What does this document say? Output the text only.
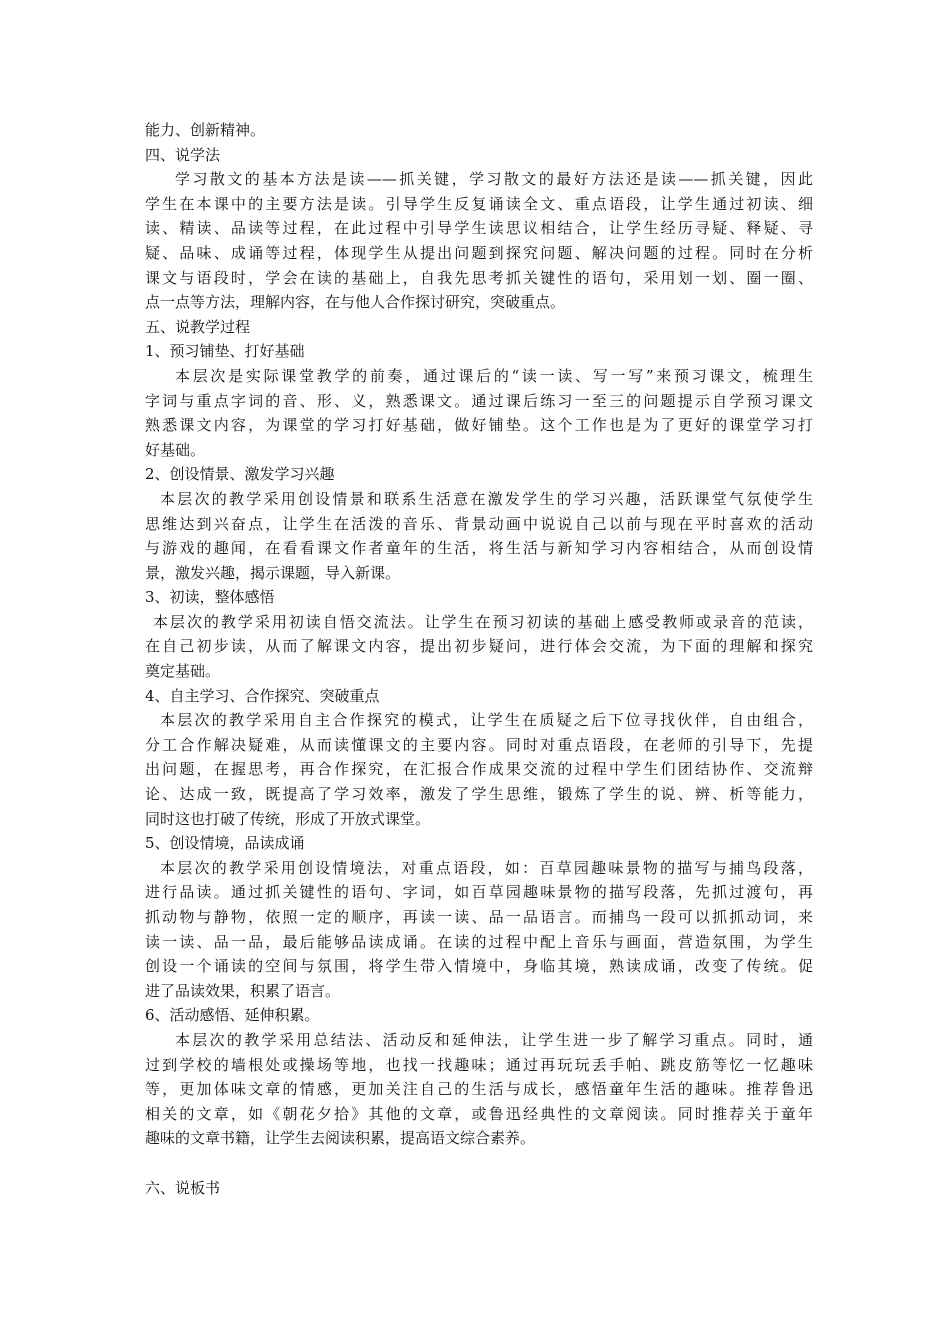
能力、创新精神。
四、说学法
学习散文的基本方法是读——抓关键，学习散文的最好方法还是读——抓关键，因此
学生在本课中的主要方法是读。引导学生反复诵读全文、重点语段，让学生通过初读、细
读、精读、品读等过程，在此过程中引导学生读思议相结合，让学生经历寻疑、释疑、寻
疑、品味、成诵等过程，体现学生从提出问题到探究问题、解决问题的过程。同时在分析
课文与语段时，学会在读的基础上，自我先思考抓关键性的语句，采用划一划、圈一圈、
点一点等方法，理解内容，在与他人合作探讨研究，突破重点。
五、说教学过程
1、预习铺垫、打好基础
本层次是实际课堂教学的前奏，通过课后的“读一读、写一写”来预习课文，梳理生
字词与重点字词的音、形、义，熟悉课文。通过课后练习一至三的问题提示自学预习课文
熟悉课文内容，为课堂的学习打好基础，做好铺垫。这个工作也是为了更好的课堂学习打
好基础。
2、创设情景、激发学习兴趣
本层次的教学采用创设情景和联系生活意在激发学生的学习兴趣，活跃课堂气氛使学生
思维达到兴奋点，让学生在活泼的音乐、背景动画中说说自己以前与现在平时喜欢的活动
与游戏的趣闻，在看看课文作者童年的生活，将生活与新知学习内容相结合，从而创设情
景，激发兴趣，揭示课题，导入新课。
3、初读，整体感悟
本层次的教学采用初读自悟交流法。让学生在预习初读的基础上感受教师或录音的范读，
在自己初步读，从而了解课文内容，提出初步疑问，进行体会交流，为下面的理解和探究
奠定基础。
4、自主学习、合作探究、突破重点
本层次的教学采用自主合作探究的模式，让学生在质疑之后下位寻找伙伴，自由组合，
分工合作解决疑难，从而读懂课文的主要内容。同时对重点语段，在老师的引导下，先提
出问题，在握思考，再合作探究，在汇报合作成果交流的过程中学生们团结协作、交流辩
论、达成一致，既提高了学习效率，激发了学生思维，锻炼了学生的说、辨、析等能力，
同时这也打破了传统，形成了开放式课堂。
5、创设情境，品读成诵
本层次的教学采用创设情境法，对重点语段，如：百草园趣味景物的描写与捕鸟段落，
进行品读。通过抓关键性的语句、字词，如百草园趣味景物的描写段落，先抓过渡句，再
抓动物与静物，依照一定的顺序，再读一读、品一品语言。而捕鸟一段可以抓抓动词，来
读一读、品一品，最后能够品读成诵。在读的过程中配上音乐与画面，营造氛围，为学生
创设一个诵读的空间与氛围，将学生带入情境中，身临其境，熟读成诵，改变了传统。促
进了品读效果，积累了语言。
6、活动感悟、延伸积累。
本层次的教学采用总结法、活动反和延伸法，让学生进一步了解学习重点。同时，通
过到学校的墙根处或操场等地，也找一找趣味；通过再玩玩丢手帕、跳皮筋等忆一忆趣味
等，更加体味文章的情感，更加关注自己的生活与成长，感悟童年生活的趣味。推荐鲁迅
相关的文章，如《朝花夕拾》其他的文章，或鲁迅经典性的文章阅读。同时推荐关于童年
趣味的文章书籍，让学生去阅读积累，提高语文综合素养。
六、说板书
